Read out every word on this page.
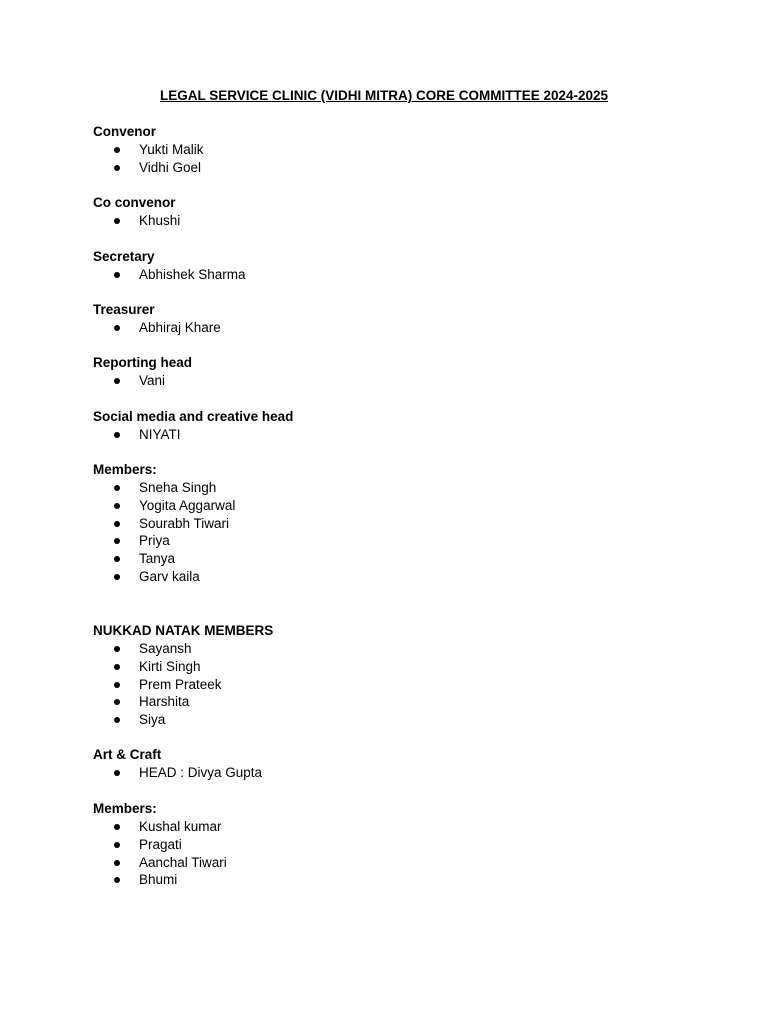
LEGAL SERVICE CLINIC (VIDHI MITRA) CORE COMMITTEE 2024-2025
Convenor
Yukti Malik
Vidhi Goel
Co convenor
Khushi
Secretary
Abhishek Sharma
Treasurer
Abhiraj Khare
Reporting head
Vani
Social media and creative head
NIYATI
Members:
Sneha Singh
Yogita Aggarwal
Sourabh Tiwari
Priya
Tanya
Garv kaila
NUKKAD NATAK MEMBERS
Sayansh
Kirti Singh
Prem Prateek
Harshita
Siya
Art & Craft
HEAD : Divya Gupta
Members:
Kushal kumar
Pragati
Aanchal Tiwari
Bhumi
